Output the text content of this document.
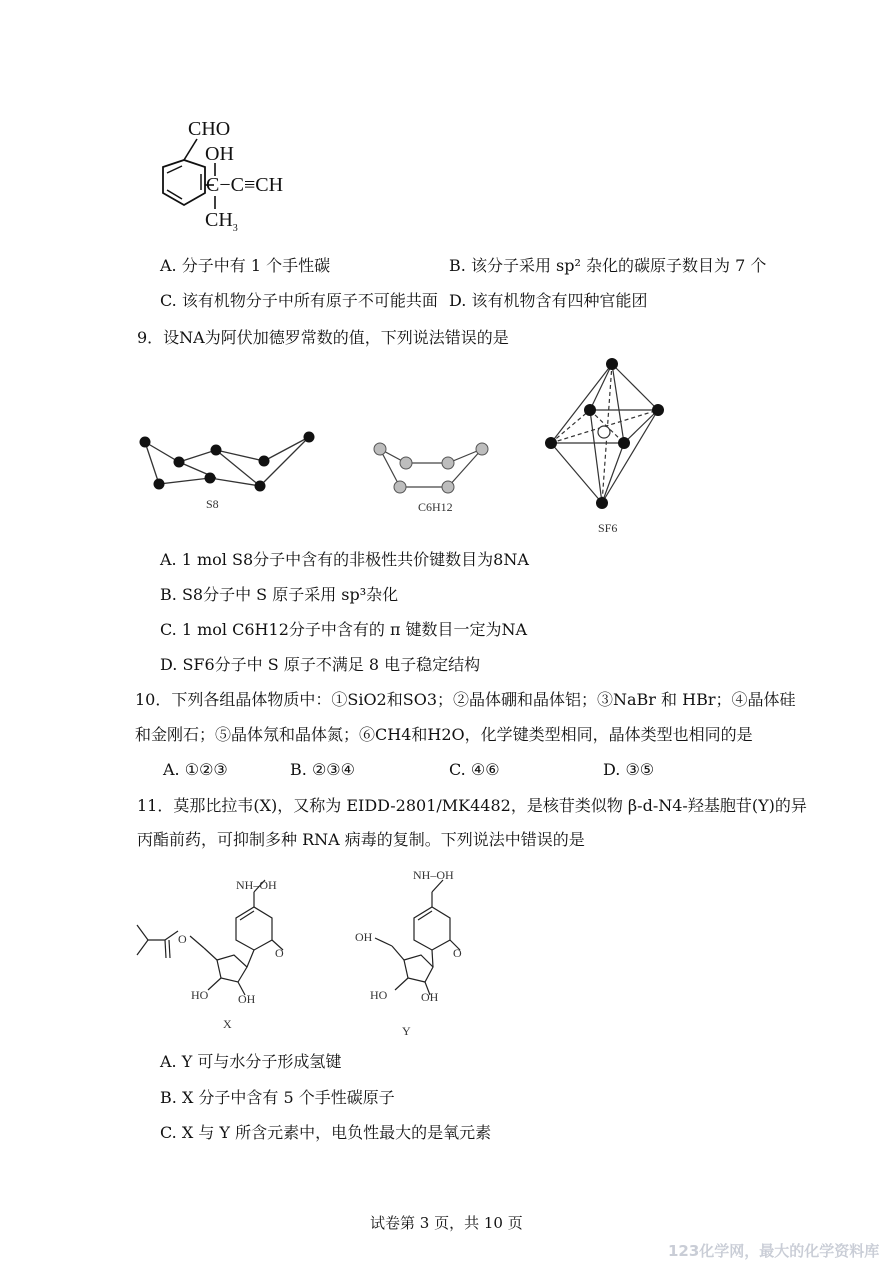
CHO
OH
C−C≡CH
$CH_3$
A. 分子中有 1 个手性碳	B. 该分子采用 sp² 杂化的碳原子数目为 7 个
C. 该有机物分子中所有原子不可能共面 D. 该有机物含有四种官能团
9．设NA为阿伏加德罗常数的值，下列说法错误的是
S8	C6H12
SF6
A. 1 mol S8分子中含有的非极性共价键数目为8NA
B. S8分子中 S 原子采用 sp³杂化
C. 1 mol C6H12分子中含有的 π 键数目一定为NA
D. SF6分子中 S 原子不满足 8 电子稳定结构
10．下列各组晶体物质中：①SiO2和SO3；②晶体硼和晶体铝；③NaBr 和 HBr；④晶体硅
和金刚石；⑤晶体氖和晶体氮；⑥CH4和H2O，化学键类型相同，晶体类型也相同的是
A. ①②③	B. ②③④	C. ④⑥	D. ③⑤
11．莫那比拉韦(X)，又称为 EIDD-2801/MK4482，是核苷类似物 β-d-N4-羟基胞苷(Y)的异
丙酯前药，可抑制多种 RNA 病毒的复制。下列说法中错误的是
NH–OH
NH–OH
O
O	O
OH
HO OH	HO	OH
X	Y
A. Y 可与水分子形成氢键
B. X 分子中含有 5 个手性碳原子
C. X 与 Y 所含元素中，电负性最大的是氧元素
试卷第 3 页，共 10 页
123化学网，最大的化学资料库
